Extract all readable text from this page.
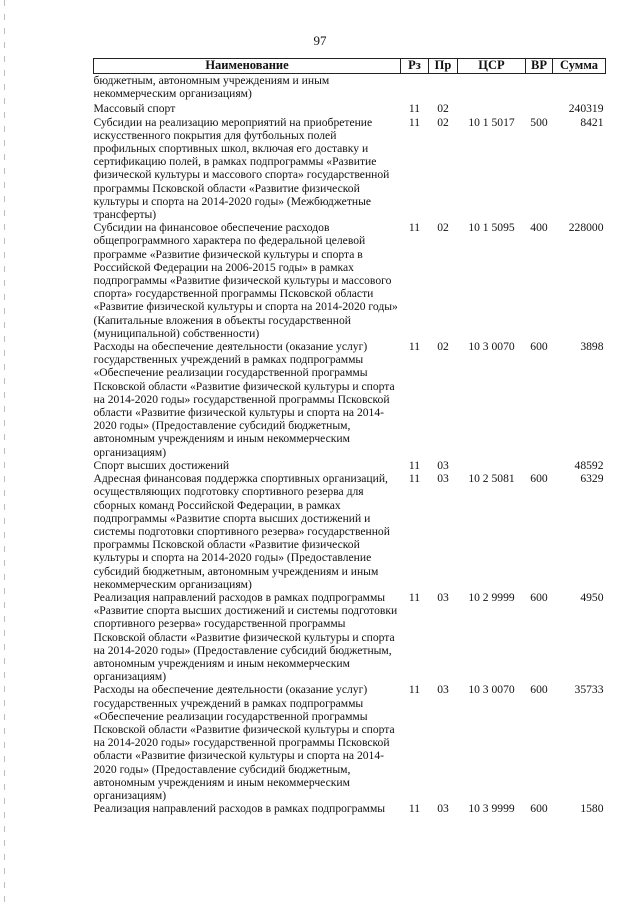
97
Наименование	Рз	Пр	ЦСР	ВР	Сумма
бюджетным, автономным учреждениям и иным некоммерческим организациям)					
Массовый спорт	11	02			240319
Субсидии на реализацию мероприятий на приобретение искусственного покрытия для футбольных полей профильных спортивных школ, включая его доставку и сертификацию полей, в рамках подпрограммы «Развитие физической культуры и массового спорта» государственной программы Псковской области «Развитие физической культуры и спорта на 2014-2020 годы» (Межбюджетные трансферты)	11	02	10 1 5017	500	8421
Субсидии на финансовое обеспечение расходов общепрограммного характера по федеральной целевой программе «Развитие физической культуры и спорта в Российской Федерации на 2006-2015 годы» в рамках подпрограммы «Развитие физической культуры и массового спорта» государственной программы Псковской области «Развитие физической культуры и спорта на 2014-2020 годы» (Капитальные вложения в объекты государственной (муниципальной) собственности)	11	02	10 1 5095	400	228000
Расходы на обеспечение деятельности (оказание услуг) государственных учреждений в рамках подпрограммы «Обеспечение реализации государственной программы Псковской области «Развитие физической культуры и спорта на 2014-2020 годы» государственной программы Псковской области «Развитие физической культуры и спорта на 2014-2020 годы» (Предоставление субсидий бюджетным, автономным учреждениям и иным некоммерческим организациям)	11	02	10 3 0070	600	3898
Спорт высших достижений	11	03			48592
Адресная финансовая поддержка спортивных организаций, осуществляющих подготовку спортивного резерва для сборных команд Российской Федерации, в рамках подпрограммы «Развитие спорта высших достижений и системы подготовки спортивного резерва» государственной программы Псковской области «Развитие физической культуры и спорта на 2014-2020 годы» (Предоставление субсидий бюджетным, автономным учреждениям и иным некоммерческим организациям)	11	03	10 2 5081	600	6329
Реализация направлений расходов в рамках подпрограммы «Развитие спорта высших достижений и системы подготовки спортивного резерва» государственной программы Псковской области «Развитие физической культуры и спорта на 2014-2020 годы» (Предоставление субсидий бюджетным, автономным учреждениям и иным некоммерческим организациям)	11	03	10 2 9999	600	4950
Расходы на обеспечение деятельности (оказание услуг) государственных учреждений в рамках подпрограммы «Обеспечение реализации государственной программы Псковской области «Развитие физической культуры и спорта на 2014-2020 годы» государственной программы Псковской области «Развитие физической культуры и спорта на 2014-2020 годы» (Предоставление субсидий бюджетным, автономным учреждениям и иным некоммерческим организациям)	11	03	10 3 0070	600	35733
Реализация направлений расходов в рамках подпрограммы	11	03	10 3 9999	600	1580
